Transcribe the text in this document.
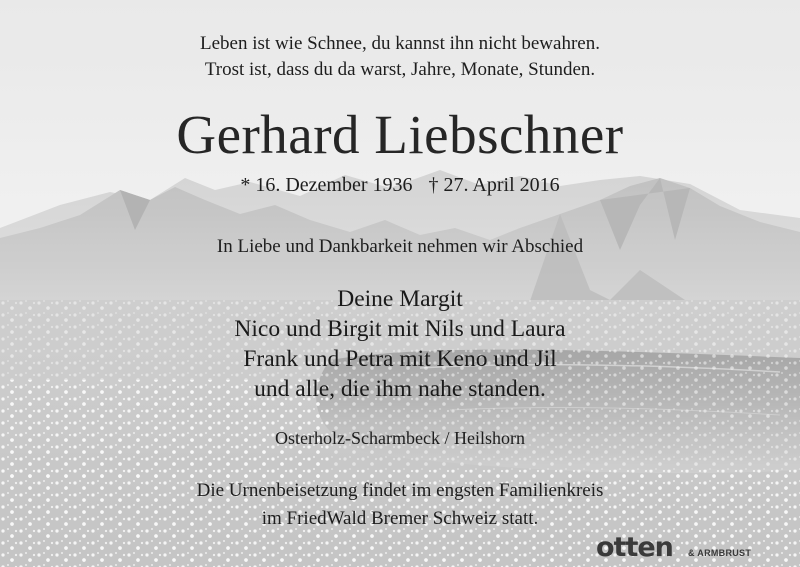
Leben ist wie Schnee, du kannst ihn nicht bewahren.
Trost ist, dass du da warst, Jahre, Monate, Stunden.
Gerhard Liebschner
* 16. Dezember 1936 † 27. April 2016
In Liebe und Dankbarkeit nehmen wir Abschied
Deine Margit
Nico und Birgit mit Nils und Laura
Frank und Petra mit Keno und Jil
und alle, die ihm nahe standen.
Osterholz-Scharmbeck / Heilshorn
Die Urnenbeisetzung findet im engsten Familienkreis
im FriedWald Bremer Schweiz statt.
otten	& ARMBRUST
